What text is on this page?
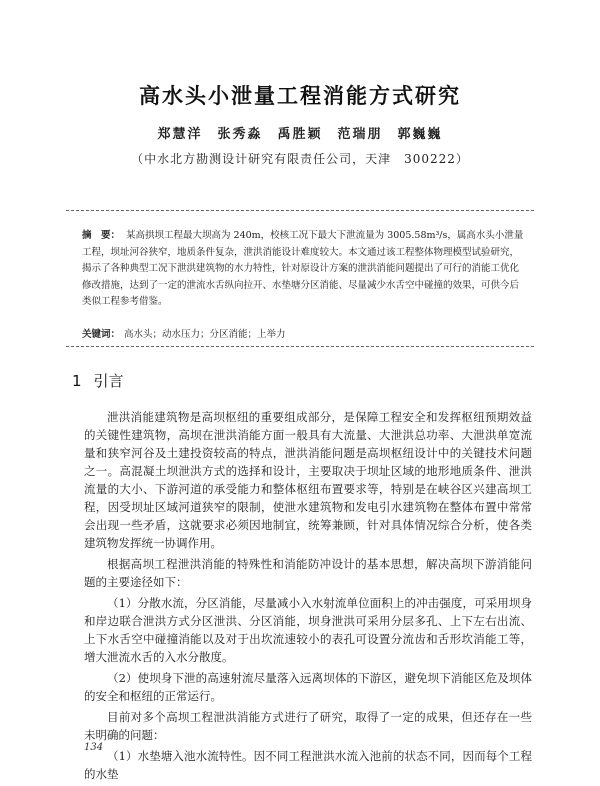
高水头小泄量工程消能方式研究
郑慧洋　张秀淼　禹胜颖　范瑞朋　郭巍巍
（中水北方勘测设计研究有限责任公司，天津　300222）
摘　要： 某高拱坝工程最大坝高为 240m，校核工况下最大下泄流量为 3005.58m³/s，属高水头小泄量工程，坝址河谷狭窄，地质条件复杂，泄洪消能设计难度较大。本文通过该工程整体物理模型试验研究，揭示了各种典型工况下泄洪建筑物的水力特性，针对原设计方案的泄洪消能问题提出了可行的消能工优化修改措施，达到了一定的泄流水舌纵向拉开、水垫塘分区消能、尽量减少水舌空中碰撞的效果，可供今后类似工程参考借鉴。
关键词： 高水头；动水压力；分区消能；上举力
1 引言

泄洪消能建筑物是高坝枢纽的重要组成部分，是保障工程安全和发挥枢纽预期效益的关键性建筑物，高坝在泄洪消能方面一般具有大流量、大泄洪总功率、大泄洪单宽流量和狭窄河谷及土建投资较高的特点，泄洪消能问题是高坝枢纽设计中的关键技术问题之一。高混凝土坝泄洪方式的选择和设计，主要取决于坝址区域的地形地质条件、泄洪流量的大小、下游河道的承受能力和整体枢纽布置要求等，特别是在峡谷区兴建高坝工程，因受坝址区域河道狭窄的限制，使泄水建筑物和发电引水建筑物在整体布置中常常会出现一些矛盾，这就要求必须因地制宜，统筹兼顾，针对具体情况综合分析，使各类建筑物发挥统一协调作用。

根据高坝工程泄洪消能的特殊性和消能防冲设计的基本思想，解决高坝下游消能问题的主要途径如下：

（1）分散水流，分区消能，尽量减小入水射流单位面积上的冲击强度，可采用坝身和岸边联合泄洪方式分区泄洪、分区消能，坝身泄洪可采用分层多孔、上下左右出流、上下水舌空中碰撞消能以及对于出坎流速较小的表孔可设置分流齿和舌形坎消能工等，增大泄流水舌的入水分散度。

（2）使坝身下泄的高速射流尽量落入远离坝体的下游区，避免坝下消能区危及坝体的安全和枢纽的正常运行。

目前对多个高坝工程泄洪消能方式进行了研究，取得了一定的成果，但还存在一些未明确的问题：

（1）水垫塘入池水流特性。因不同工程泄洪水流入池前的状态不同，因而每个工程的水垫

134
